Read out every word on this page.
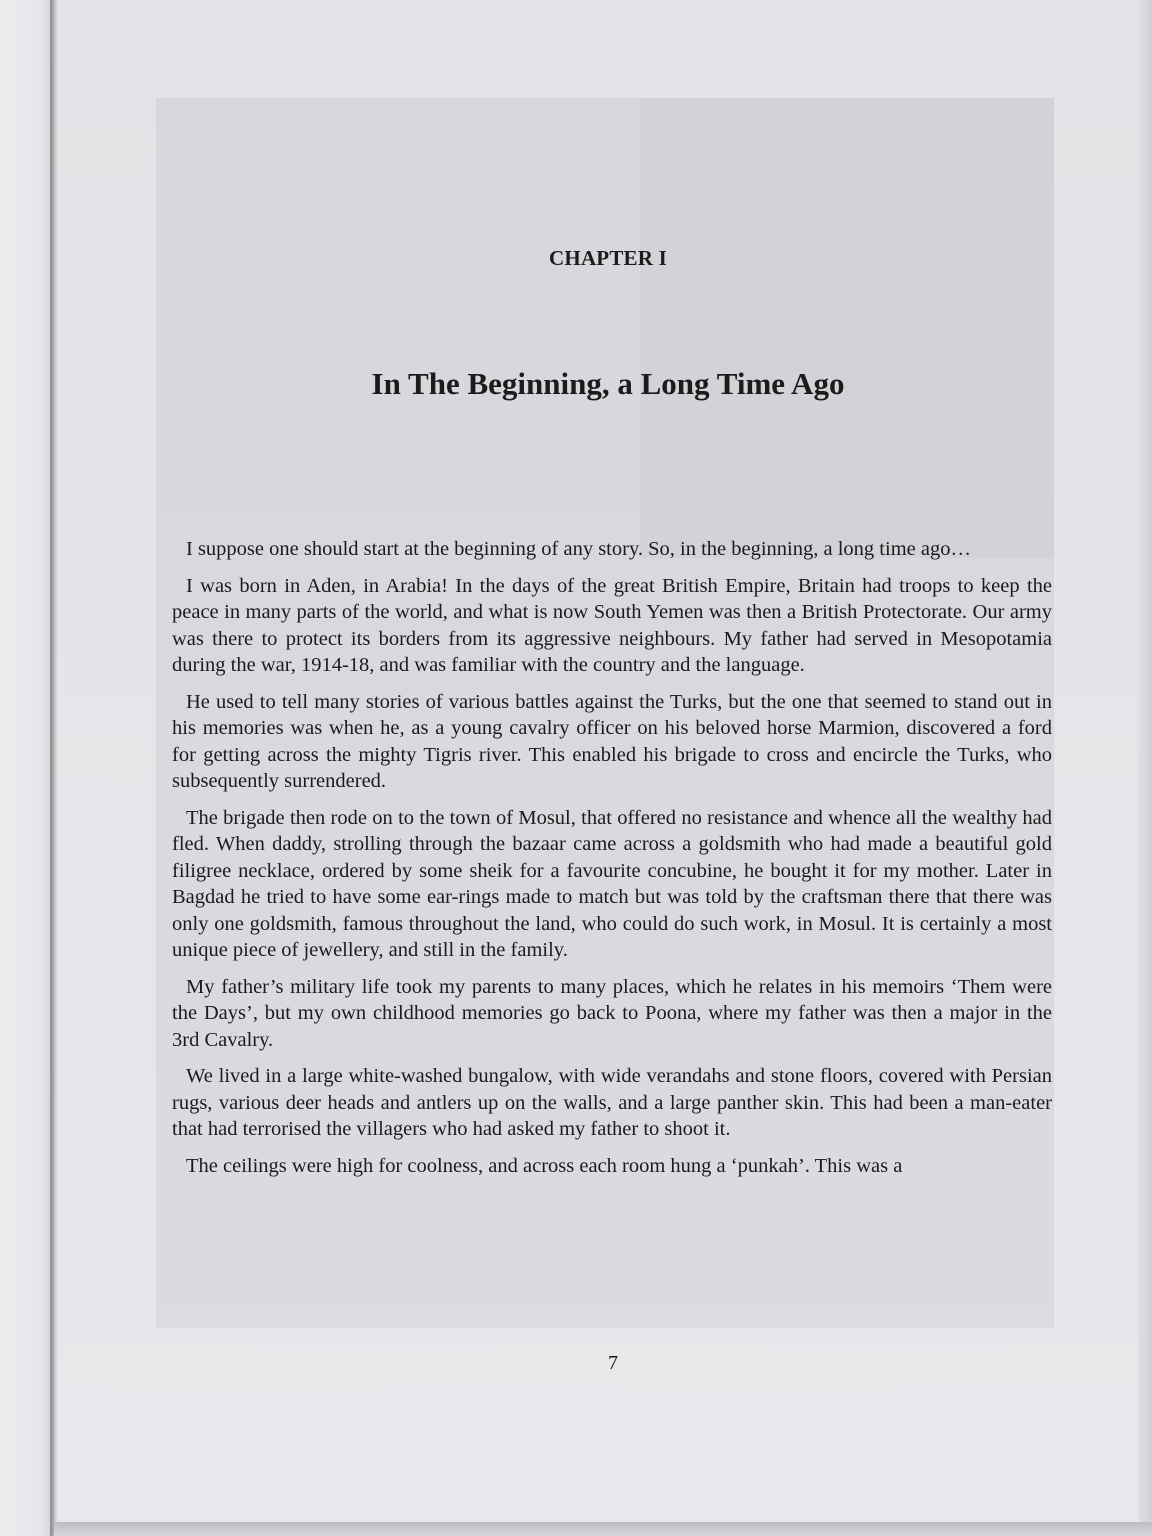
CHAPTER I
In The Beginning, a Long Time Ago

I suppose one should start at the beginning of any story. So, in the beginning, a long time ago…

I was born in Aden, in Arabia! In the days of the great British Empire, Britain had troops to keep the peace in many parts of the world, and what is now South Yemen was then a British Protectorate. Our army was there to protect its borders from its aggressive neighbours. My father had served in Mesopotamia during the war, 1914-18, and was familiar with the country and the language.

He used to tell many stories of various battles against the Turks, but the one that seemed to stand out in his memories was when he, as a young cavalry officer on his beloved horse Marmion, discovered a ford for getting across the mighty Tigris river. This enabled his brigade to cross and encircle the Turks, who subsequently surrendered.

The brigade then rode on to the town of Mosul, that offered no resistance and whence all the wealthy had fled. When daddy, strolling through the bazaar came across a goldsmith who had made a beautiful gold filigree necklace, ordered by some sheik for a favourite concubine, he bought it for my mother. Later in Bagdad he tried to have some ear-rings made to match but was told by the craftsman there that there was only one goldsmith, famous throughout the land, who could do such work, in Mosul. It is certainly a most unique piece of jewellery, and still in the family.

My father’s military life took my parents to many places, which he relates in his memoirs ‘Them were the Days’, but my own childhood memories go back to Poona, where my father was then a major in the 3rd Cavalry.

We lived in a large white-washed bungalow, with wide verandahs and stone floors, covered with Persian rugs, various deer heads and antlers up on the walls, and a large panther skin. This had been a man-eater that had terrorised the villagers who had asked my father to shoot it.

The ceilings were high for coolness, and across each room hung a ‘punkah’. This was a

7
